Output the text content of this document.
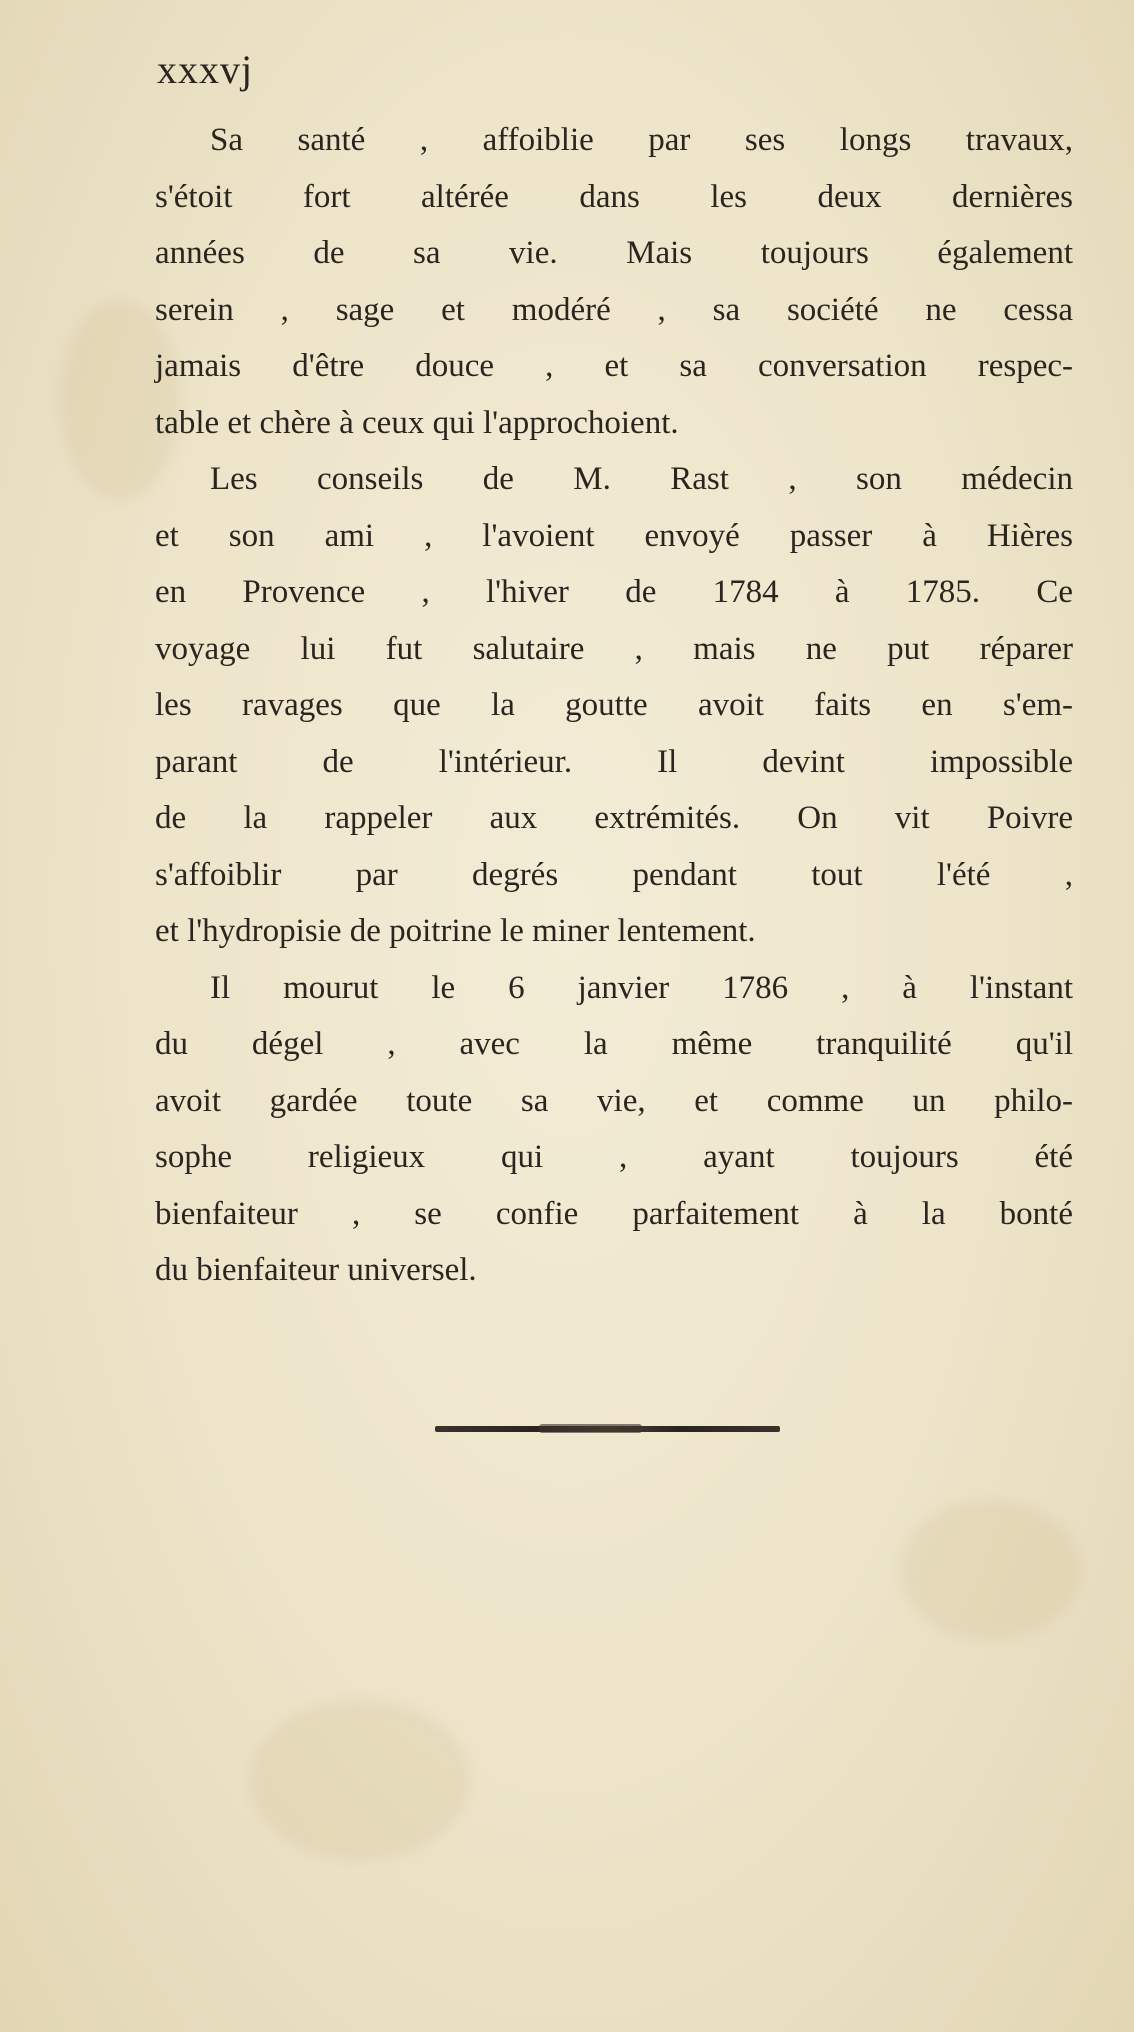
xxxvj
Sa santé , affoiblie par ses longs travaux,
s'étoit fort altérée dans les deux dernières
années de sa vie. Mais toujours également
serein , sage et modéré , sa société ne cessa
jamais d'être douce , et sa conversation respec-
table et chère à ceux qui l'approchoient.
Les conseils de M. Rast , son médecin
et son ami , l'avoient envoyé passer à Hières
en Provence , l'hiver de 1784 à 1785. Ce
voyage lui fut salutaire , mais ne put réparer
les ravages que la goutte avoit faits en s'em-
parant de l'intérieur. Il devint impossible
de la rappeler aux extrémités. On vit Poivre
s'affoiblir par degrés pendant tout l'été ,
et l'hydropisie de poitrine le miner lentement.
Il mourut le 6 janvier 1786 , à l'instant
du dégel , avec la même tranquilité qu'il
avoit gardée toute sa vie, et comme un philo-
sophe religieux qui , ayant toujours été
bienfaiteur , se confie parfaitement à la bonté
du bienfaiteur universel.
